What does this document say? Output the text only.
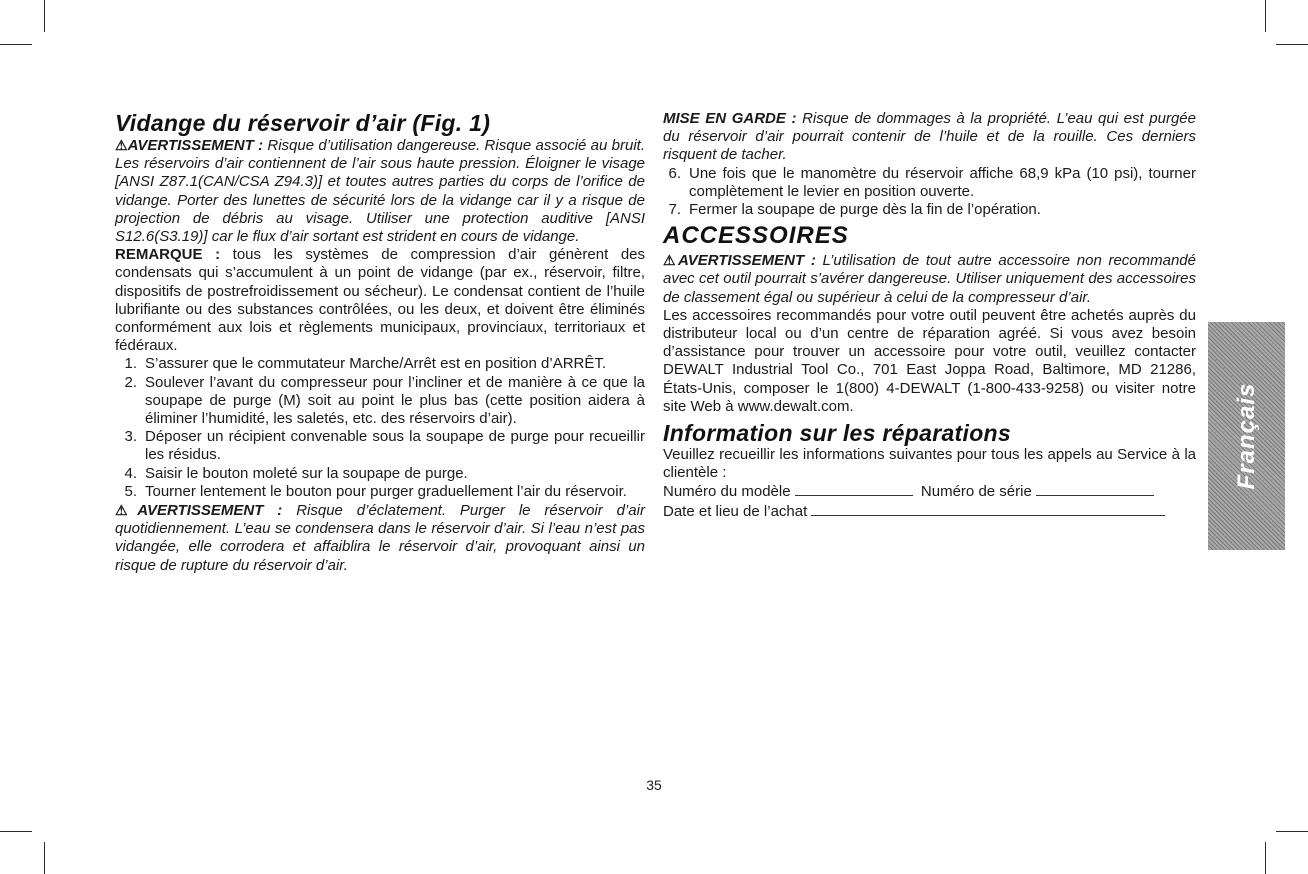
Vidange du réservoir d’air (Fig. 1)

⚠AVERTISSEMENT : Risque d’utilisation dangereuse. Risque associé au bruit. Les réservoirs d’air contiennent de l’air sous haute pression. Éloigner le visage [ANSI Z87.1(CAN/CSA Z94.3)] et toutes autres parties du corps de l’orifice de vidange. Porter des lunettes de sécurité lors de la vidange car il y a risque de projection de débris au visage. Utiliser une protection auditive [ANSI S12.6(S3.19)] car le flux d’air sortant est strident en cours de vidange.

REMARQUE : tous les systèmes de compression d’air génèrent des condensats qui s’accumulent à un point de vidange (par ex., réservoir, filtre, dispositifs de postrefroidissement ou sécheur). Le condensat contient de l’huile lubrifiante ou des substances contrôlées, ou les deux, et doivent être éliminés conformément aux lois et règlements municipaux, provinciaux, territoriaux et fédéraux.

1. S’assurer que le commutateur Marche/Arrêt est en position d’ARRÊT.
2. Soulever l’avant du compresseur pour l’incliner et de manière à ce que la soupape de purge (M) soit au point le plus bas (cette position aidera à éliminer l’humidité, les saletés, etc. des réservoirs d’air).
3. Déposer un récipient convenable sous la soupape de purge pour recueillir les résidus.
4. Saisir le bouton moleté sur la soupape de purge.
5. Tourner lentement le bouton pour purger graduellement l’air du réservoir.

⚠AVERTISSEMENT : Risque d’éclatement. Purger le réservoir d’air quotidiennement. L’eau se condensera dans le réservoir d’air. Si l’eau n’est pas vidangée, elle corrodera et affaiblira le réservoir d’air, provoquant ainsi un risque de rupture du réservoir d’air.

MISE EN GARDE : Risque de dommages à la propriété. L’eau qui est purgée du réservoir d’air pourrait contenir de l’huile et de la rouille. Ces derniers risquent de tacher.

6. Une fois que le manomètre du réservoir affiche 68,9 kPa (10 psi), tourner complètement le levier en position ouverte.
7. Fermer la soupape de purge dès la fin de l’opération.
ACCESSOIRES

⚠AVERTISSEMENT : L’utilisation de tout autre accessoire non recommandé avec cet outil pourrait s’avérer dangereuse. Utiliser uniquement des accessoires de classement égal ou supérieur à celui de la compresseur d’air.

Les accessoires recommandés pour votre outil peuvent être achetés auprès du distributeur local ou d’un centre de réparation agréé. Si vous avez besoin d’assistance pour trouver un accessoire pour votre outil, veuillez contacter DEWALT Industrial Tool Co., 701 East Joppa Road, Baltimore, MD 21286, États-Unis, composer le 1(800) 4-DEWALT (1-800-433-9258) ou visiter notre site Web à www.dewalt.com.

Information sur les réparations

Veuillez recueillir les informations suivantes pour tous les appels au Service à la clientèle :

Numéro du modèle	Numéro de série
Date et lieu de l’achat
Français
35
